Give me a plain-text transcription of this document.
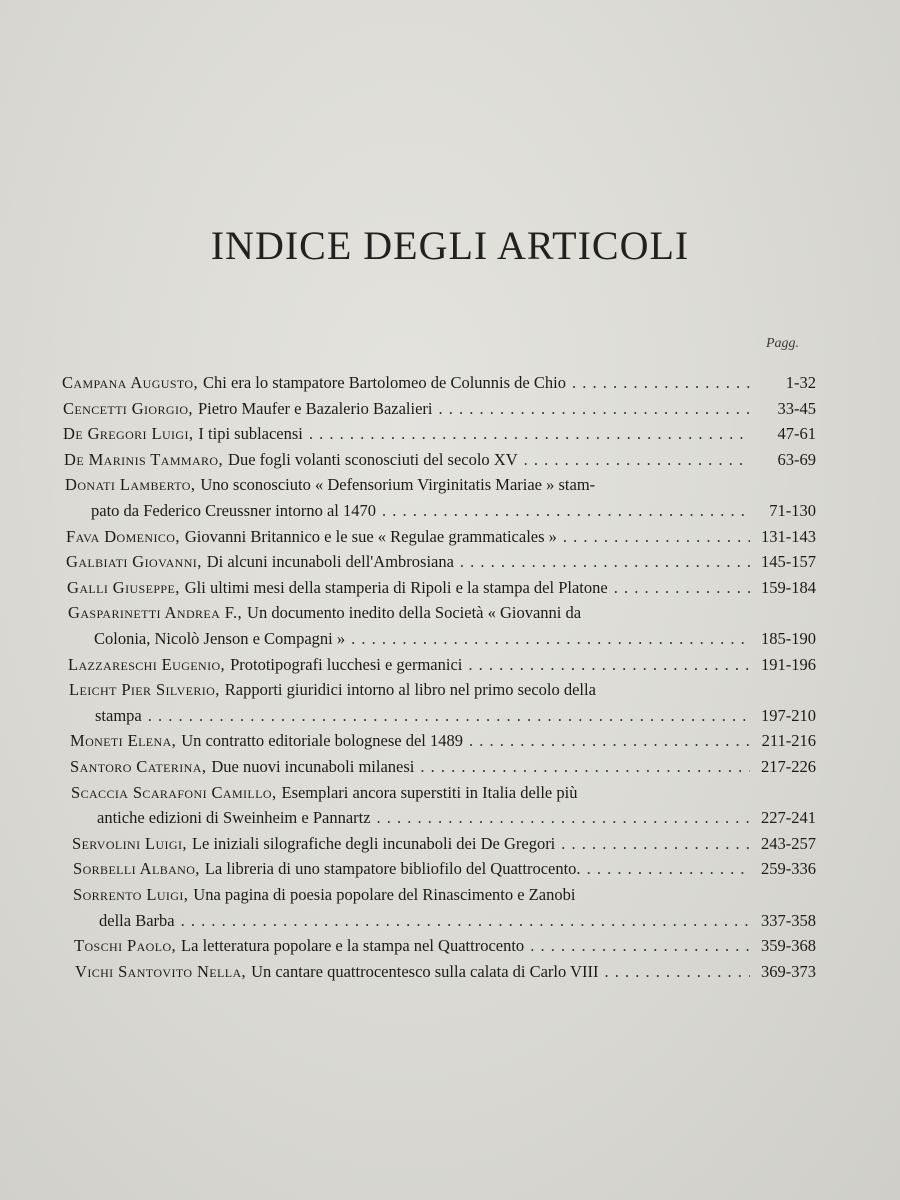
INDICE DEGLI ARTICOLI
Pagg.
Campana Augusto, Chi era lo stampatore Bartolomeo de Colunnis de Chio . . .	1-32
Cencetti Giorgio, Pietro Maufer e Bazalerio Bazalieri . . .	33-45
De Gregori Luigi, I tipi sublacensi . . .	47-61
De Marinis Tammaro, Due fogli volanti sconosciuti del secolo XV . . .	63-69
Donati Lamberto, Uno sconosciuto « Defensorium Virginitatis Mariae » stam-
pato da Federico Creussner intorno al 1470 . . .	71-130
Fava Domenico, Giovanni Britannico e le sue « Regulae grammaticales » . . .	131-143
Galbiati Giovanni, Di alcuni incunaboli dell'Ambrosiana . . .	145-157
Galli Giuseppe, Gli ultimi mesi della stamperia di Ripoli e la stampa del Platone . . .	159-184
Gasparinetti Andrea F., Un documento inedito della Società « Giovanni da
Colonia, Nicolò Jenson e Compagni » . . .	185-190
Lazzareschi Eugenio, Prototipografi lucchesi e germanici . . .	191-196
Leicht Pier Silverio, Rapporti giuridici intorno al libro nel primo secolo della
stampa . . .	197-210
Moneti Elena, Un contratto editoriale bolognese del 1489 . . .	211-216
Santoro Caterina, Due nuovi incunaboli milanesi . . .	217-226
Scaccia Scarafoni Camillo, Esemplari ancora superstiti in Italia delle più
antiche edizioni di Sweinheim e Pannartz . . .	227-241
Servolini Luigi, Le iniziali silografiche degli incunaboli dei De Gregori . . .	243-257
Sorbelli Albano, La libreria di uno stampatore bibliofilo del Quattrocento. . . .	259-336
Sorrento Luigi, Una pagina di poesia popolare del Rinascimento e Zanobi
della Barba . . .	337-358
Toschi Paolo, La letteratura popolare e la stampa nel Quattrocento . . .	359-368
Vichi Santovito Nella, Un cantare quattrocentesco sulla calata di Carlo VIII . . .	369-373
